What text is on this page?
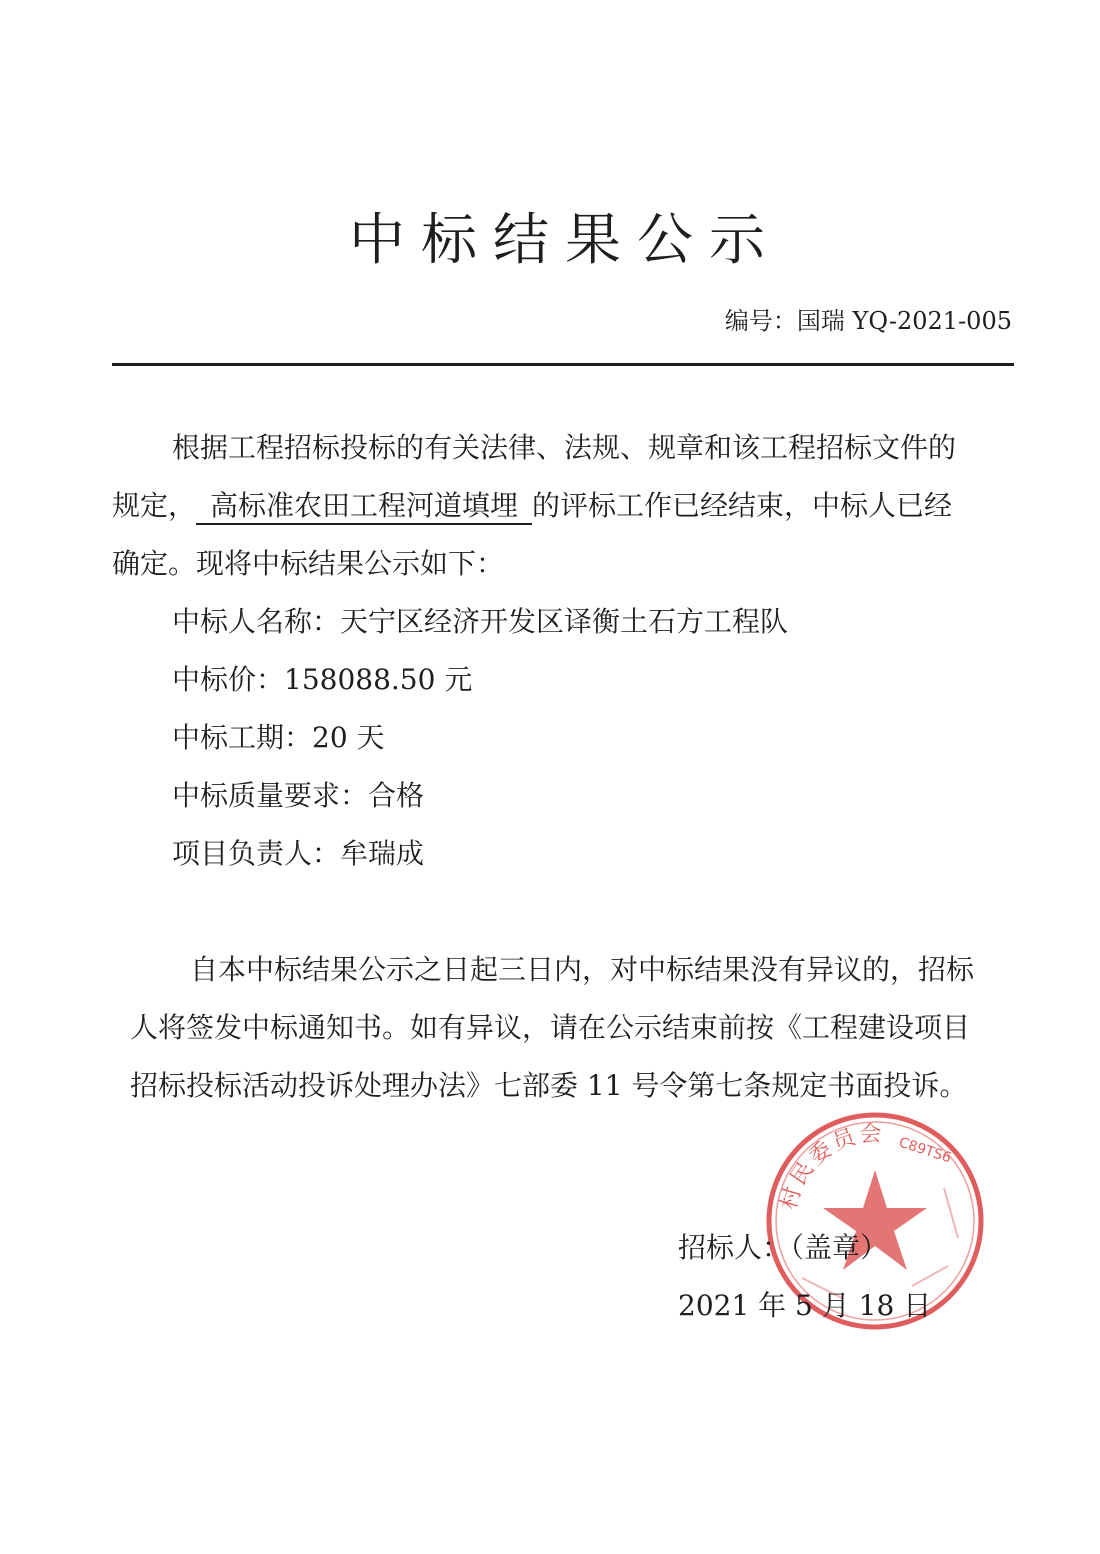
中标结果公示
编号：国瑞 YQ-2021-005
根据工程招标投标的有关法律、法规、规章和该工程招标文件的
规定， 高标准农田工程河道填埋 的评标工作已经结束，中标人已经
确定。现将中标结果公示如下：
中标人名称：天宁区经济开发区译衡土石方工程队
中标价：158088.50 元
中标工期：20 天
中标质量要求：合格
项目负责人：牟瑞成
自本中标结果公示之日起三日内，对中标结果没有异议的，招标
人将签发中标通知书。如有异议，请在公示结束前按《工程建设项目
招标投标活动投诉处理办法》七部委 11 号令第七条规定书面投诉。
村民委员会
C89TS6
招标人：（盖章）
2021 年 5 月 18 日
